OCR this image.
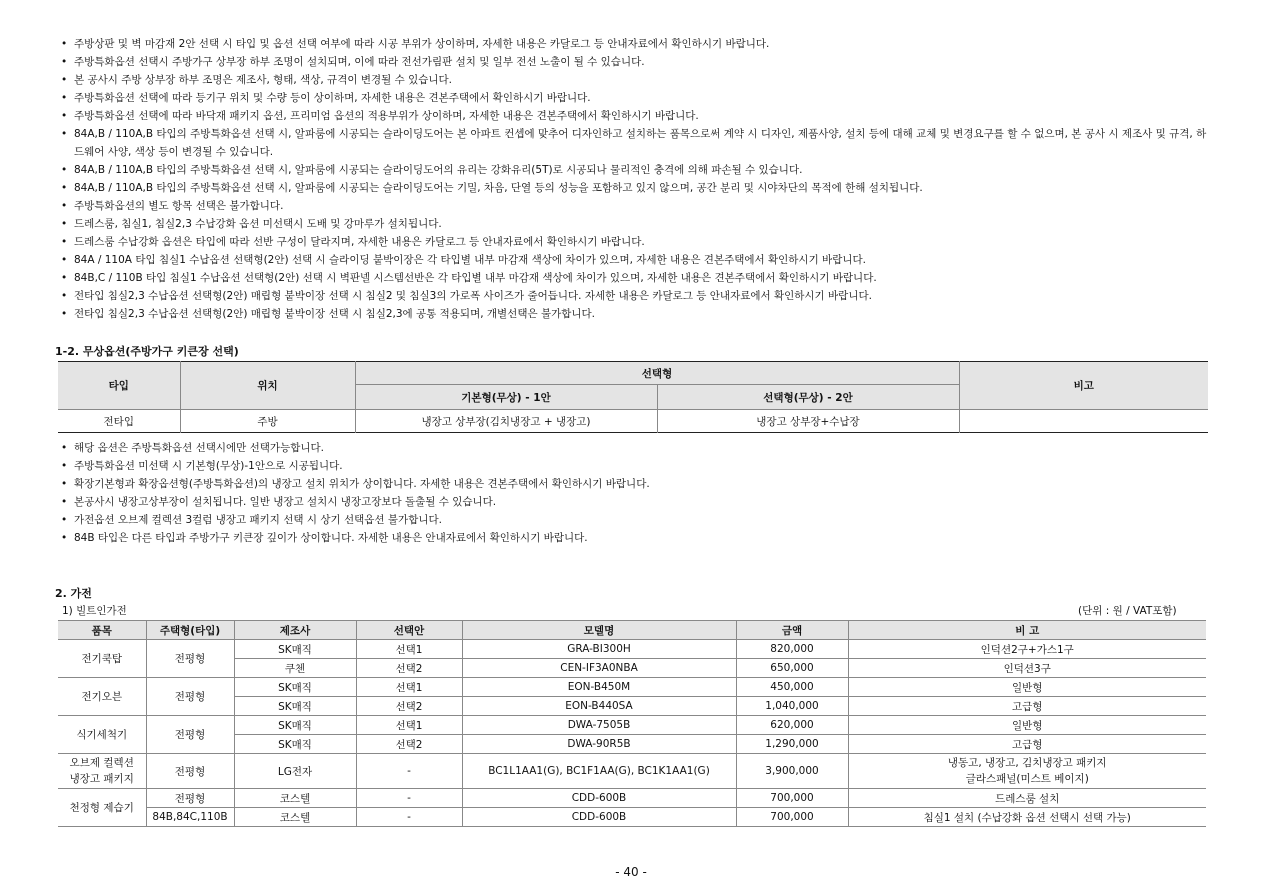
• 주방상판 및 벽 마감재 2안 선택 시 타입 및 옵션 선택 여부에 따라 시공 부위가 상이하며, 자세한 내용은 카달로그 등 안내자료에서 확인하시기 바랍니다.
• 주방특화옵션 선택시 주방가구 상부장 하부 조명이 설치되며, 이에 따라 전선가림판 설치 및 일부 전선 노출이 될 수 있습니다.
• 본 공사시 주방 상부장 하부 조명은 제조사, 형태, 색상, 규격이 변경될 수 있습니다.
• 주방특화옵션 선택에 따라 등기구 위치 및 수량 등이 상이하며, 자세한 내용은 견본주택에서 확인하시기 바랍니다.
• 주방특화옵션 선택에 따라 바닥재 패키지 옵션, 프리미엄 옵션의 적용부위가 상이하며, 자세한 내용은 견본주택에서 확인하시기 바랍니다.
• 84A,B / 110A,B 타입의 주방특화옵션 선택 시, 알파룸에 시공되는 슬라이딩도어는 본 아파트 컨셉에 맞추어 디자인하고 설치하는 품목으로써 계약 시 디자인, 제품사양, 설치 등에 대해 교체 및 변경요구를 할 수 없으며, 본 공사 시 제조사 및 규격, 하드웨어 사양, 색상 등이 변경될 수 있습니다.
• 84A,B / 110A,B 타입의 주방특화옵션 선택 시, 알파룸에 시공되는 슬라이딩도어의 유리는 강화유리(5T)로 시공되나 물리적인 충격에 의해 파손될 수 있습니다.
• 84A,B / 110A,B 타입의 주방특화옵션 선택 시, 알파룸에 시공되는 슬라이딩도어는 기밀, 차음, 단열 등의 성능을 포함하고 있지 않으며, 공간 분리 및 시야차단의 목적에 한해 설치됩니다.
• 주방특화옵션의 별도 항목 선택은 불가합니다.
• 드레스룸, 침실1, 침실2,3 수납강화 옵션 미선택시 도배 및 강마루가 설치됩니다.
• 드레스룸 수납강화 옵션은 타입에 따라 선반 구성이 달라지며, 자세한 내용은 카달로그 등 안내자료에서 확인하시기 바랍니다.
• 84A / 110A 타입 침실1 수납옵션 선택형(2안) 선택 시 슬라이딩 붙박이장은 각 타입별 내부 마감재 색상에 차이가 있으며, 자세한 내용은 견본주택에서 확인하시기 바랍니다.
• 84B,C / 110B 타입 침실1 수납옵션 선택형(2안) 선택 시 벽판넬 시스템선반은 각 타입별 내부 마감재 색상에 차이가 있으며, 자세한 내용은 견본주택에서 확인하시기 바랍니다.
• 전타입 침실2,3 수납옵션 선택형(2안) 매립형 붙박이장 선택 시 침실2 및 침실3의 가로폭 사이즈가 줄어듭니다. 자세한 내용은 카달로그 등 안내자료에서 확인하시기 바랍니다.
• 전타입 침실2,3 수납옵션 선택형(2안) 매립형 붙박이장 선택 시 침실2,3에 공통 적용되며, 개별선택은 불가합니다.
1-2. 무상옵션(주방가구 키큰장 선택)
타입	위치	선택형		비고
		기본형(무상) - 1안	선택형(무상) - 2안	
전타입	주방	냉장고 상부장(김치냉장고 + 냉장고)	냉장고 상부장+수납장	
• 해당 옵션은 주방특화옵션 선택시에만 선택가능합니다.
• 주방특화옵션 미선택 시 기본형(무상)-1안으로 시공됩니다.
• 확장기본형과 확장옵션형(주방특화옵션)의 냉장고 설치 위치가 상이합니다. 자세한 내용은 견본주택에서 확인하시기 바랍니다.
• 본공사시 냉장고상부장이 설치됩니다. 일반 냉장고 설치시 냉장고장보다 돌출될 수 있습니다.
• 가전옵션 오브제 컬렉션 3컬럼 냉장고 패키지 선택 시 상기 선택옵션 불가합니다.
• 84B 타입은 다른 타입과 주방가구 키큰장 깊이가 상이합니다. 자세한 내용은 안내자료에서 확인하시기 바랍니다.
2. 가전
1) 빌트인가전	(단위 : 원 / VAT포함)
품목	주택형(타입)	제조사	선택안	모델명	금액	비 고
전기쿡탑	전평형	SK매직	선택1	GRA-BI300H	820,000	인덕션2구+가스1구
		쿠첸	선택2	CEN-IF3A0NBA	650,000	인덕션3구
전기오븐	전평형	SK매직	선택1	EON-B450M	450,000	일반형
		SK매직	선택2	EON-B440SA	1,040,000	고급형
식기세척기	전평형	SK매직	선택1	DWA-7505B	620,000	일반형
		SK매직	선택2	DWA-90R5B	1,290,000	고급형
오브제 컬렉션
냉장고 패키지	전평형	LG전자	-	BC1L1AA1(G), BC1F1AA(G), BC1K1AA1(G)	3,900,000	냉동고, 냉장고, 김치냉장고 패키지
글라스패널(미스트 베이지)
천정형 제습기	전평형	코스텔	-	CDD-600B	700,000	드레스룸 설치
	84B,84C,110B	코스텔	-	CDD-600B	700,000	침실1 설치 (수납강화 옵션 선택시 선택 가능)
- 40 -
